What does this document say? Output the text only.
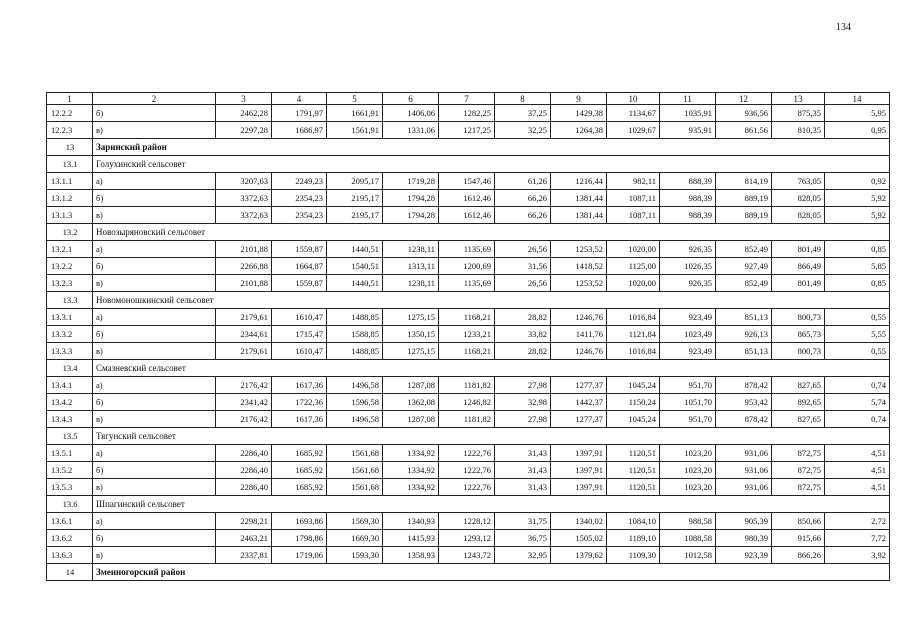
134
1	2	3	4	5	6	7	8	9	10	11	12	13	14
12.2.2	б)	2462,28	1791,97	1661,91	1406,06	1282,25	37,25	1429,38	1134,67	1035,91	936,56	875,35	5,95
12.2.3	в)	2297,28	1686,97	1561,91	1331,06	1217,25	32,25	1264,38	1029,67	935,91	861,56	810,35	0,95
13	Заринский район												
13.1	Голухинский сельсовет												
13.1.1	а)	3207,63	2249,23	2095,17	1719,28	1547,46	61,26	1216,44	982,11	888,39	814,19	763,05	0,92
13.1.2	б)	3372,63	2354,23	2195,17	1794,28	1612,46	66,26	1381,44	1087,11	988,39	889,19	828,05	5,92
13.1.3	в)	3372,63	2354,23	2195,17	1794,28	1612,46	66,26	1381,44	1087,11	988,39	889,19	828,05	5,92
13.2	Новозыряновский сельсовет												
13.2.1	а)	2101,88	1559,87	1440,51	1238,11	1135,69	26,56	1253,52	1020,00	926,35	852,49	801,49	0,85
13.2.2	б)	2266,88	1664,87	1540,51	1313,11	1200,69	31,56	1418,52	1125,00	1026,35	927,49	866,49	5,85
13.2.3	в)	2101,88	1559,87	1440,51	1238,11	1135,69	26,56	1253,52	1020,00	926,35	852,49	801,49	0,85
13.3	Новомоношкинский сельсовет												
13.3.1	а)	2179,61	1610,47	1488,85	1275,15	1168,21	28,82	1246,76	1016,84	923,49	851,13	800,73	0,55
13.3.2	б)	2344,61	1715,47	1588,85	1350,15	1233,21	33,82	1411,76	1121,84	1023,49	926,13	865,73	5,55
13.3.3	в)	2179,61	1610,47	1488,85	1275,15	1168,21	28,82	1246,76	1016,84	923,49	851,13	800,73	0,55
13.4	Смазневский сельсовет												
13.4.1	а)	2176,42	1617,36	1496,58	1287,08	1181,82	27,98	1277,37	1045,24	951,70	878,42	827,65	0,74
13.4.2	б)	2341,42	1722,36	1596,58	1362,08	1246,82	32,98	1442,37	1150,24	1051,70	953,42	892,65	5,74
13.4.3	в)	2176,42	1617,36	1496,58	1287,08	1181,82	27,98	1277,37	1045,24	951,70	878,42	827,65	0,74
13.5	Тягунский сельсовет												
13.5.1	а)	2286,40	1685,92	1561,68	1334,92	1222,76	31,43	1397,91	1120,51	1023,20	931,06	872,75	4,51
13.5.2	б)	2286,40	1685,92	1561,68	1334,92	1222,76	31,43	1397,91	1120,51	1023,20	931,06	872,75	4,51
13.5.3	в)	2286,40	1685,92	1561,68	1334,92	1222,76	31,43	1397,91	1120,51	1023,20	931,06	872,75	4,51
13.6	Шпагинский сельсовет												
13.6.1	а)	2298,21	1693,86	1569,30	1340,93	1228,12	31,75	1340,02	1084,10	988,58	905,39	850,66	2,72
13.6.2	б)	2463,21	1798,86	1669,30	1415,93	1293,12	36,75	1505,02	1189,10	1088,58	980,39	915,66	7,72
13.6.3	в)	2337,81	1719,06	1593,30	1358,93	1243,72	32,95	1379,62	1109,30	1012,58	923,39	866,26	3,92
14	Змеиногорский район												
